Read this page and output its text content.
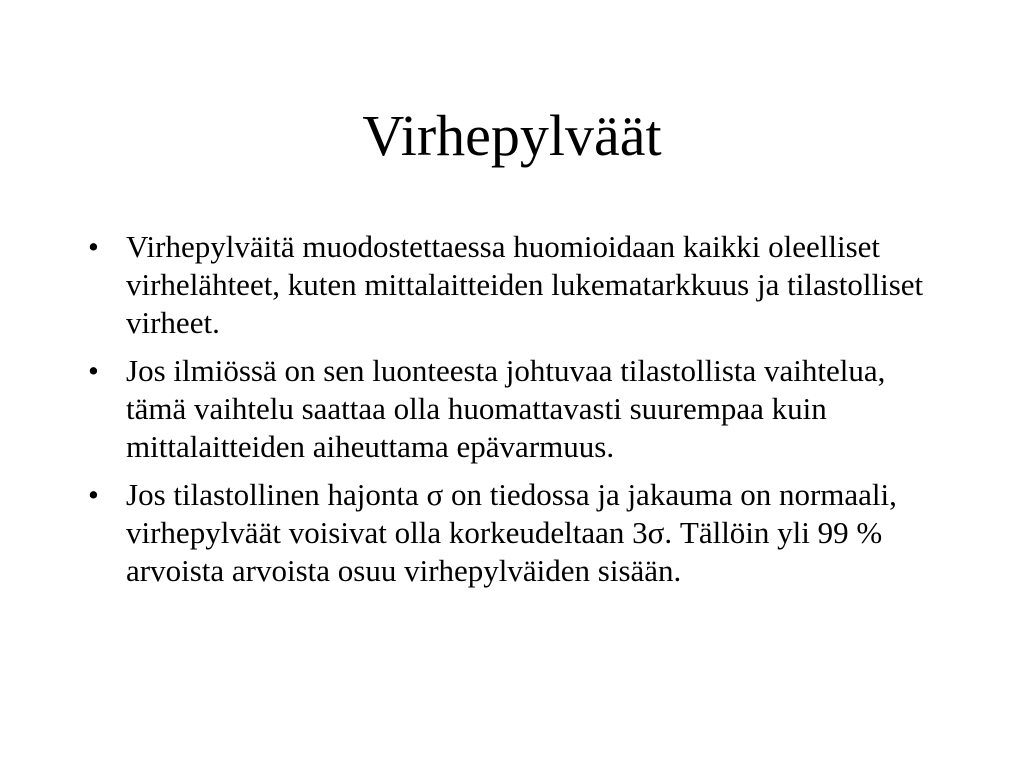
Virhepylväät
• Virhepylväitä muodostettaessa huomioidaan kaikki oleelliset virhelähteet, kuten mittalaitteiden lukematarkkuus ja tilastolliset virheet.
• Jos ilmiössä on sen luonteesta johtuvaa tilastollista vaihtelua, tämä vaihtelu saattaa olla huomattavasti suurempaa kuin mittalaitteiden aiheuttama epävarmuus.
• Jos tilastollinen hajonta σ on tiedossa ja jakauma on normaali, virhepylväät voisivat olla korkeudeltaan 3σ. Tällöin yli 99 % arvoista arvoista osuu virhepylväiden sisään.
